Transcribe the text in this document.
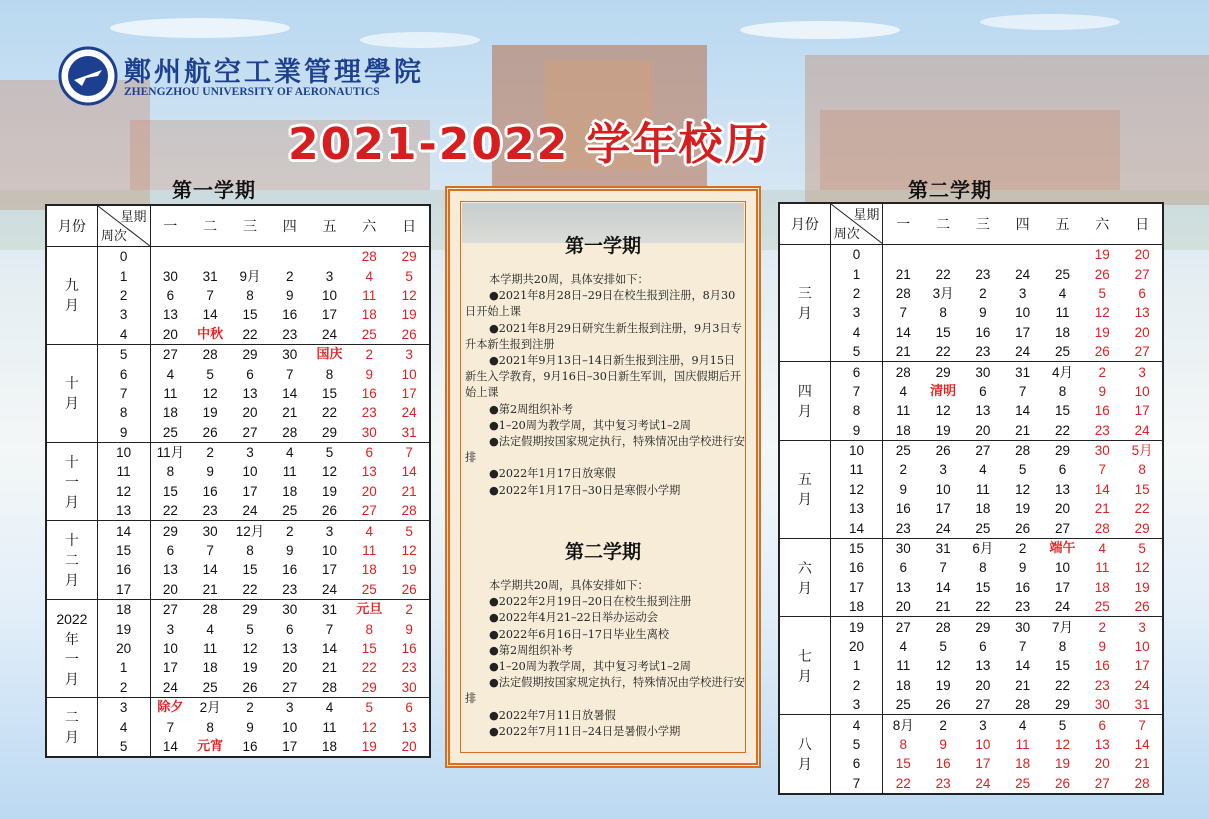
鄭州航空工業管理學院
ZHENGZHOU UNIVERSITY OF AERONAUTICS
2021-2022 学年校历
第一学期	第二学期
月份	星期
周次	一	二	三	四	五	六	日
九
月	0						28	29
	1	30	31	9月	2	3	4	5
	2	6	7	8	9	10	11	12
	3	13	14	15	16	17	18	19
	4	20	中秋	22	23	24	25	26
十
月	5	27	28	29	30	国庆	2	3
	6	4	5	6	7	8	9	10
	7	11	12	13	14	15	16	17
	8	18	19	20	21	22	23	24
	9	25	26	27	28	29	30	31
十
一
月	10	11月	2	3	4	5	6	7
	11	8	9	10	11	12	13	14
	12	15	16	17	18	19	20	21
	13	22	23	24	25	26	27	28
十
二
月	14	29	30	12月	2	3	4	5
	15	6	7	8	9	10	11	12
	16	13	14	15	16	17	18	19
	17	20	21	22	23	24	25	26
2022
年
一
月	18	27	28	29	30	31	元旦	2
	19	3	4	5	6	7	8	9
	20	10	11	12	13	14	15	16
	1	17	18	19	20	21	22	23
	2	24	25	26	27	28	29	30
二
月	3	除夕	2月	2	3	4	5	6
	4	7	8	9	10	11	12	13
	5	14	元宵	16	17	18	19	20
月份	星期
周次	一	二	三	四	五	六	日
三
月	0						19	20
	1	21	22	23	24	25	26	27
	2	28	3月	2	3	4	5	6
	3	7	8	9	10	11	12	13
	4	14	15	16	17	18	19	20
	5	21	22	23	24	25	26	27
四
月	6	28	29	30	31	4月	2	3
	7	4	清明	6	7	8	9	10
	8	11	12	13	14	15	16	17
	9	18	19	20	21	22	23	24
五
月	10	25	26	27	28	29	30	5月
	11	2	3	4	5	6	7	8
	12	9	10	11	12	13	14	15
	13	16	17	18	19	20	21	22
	14	23	24	25	26	27	28	29
六
月	15	30	31	6月	2	端午	4	5
	16	6	7	8	9	10	11	12
	17	13	14	15	16	17	18	19
	18	20	21	22	23	24	25	26
七
月	19	27	28	29	30	7月	2	3
	20	4	5	6	7	8	9	10
	1	11	12	13	14	15	16	17
	2	18	19	20	21	22	23	24
	3	25	26	27	28	29	30	31
八
月	4	8月	2	3	4	5	6	7
	5	8	9	10	11	12	13	14
	6	15	16	17	18	19	20	21
	7	22	23	24	25	26	27	28
第一学期

本学期共20周，具体安排如下：

●2021年8月28日–29日在校生报到注册，8月30日开始上课

●2021年8月29日研究生新生报到注册，9月3日专升本新生报到注册

●2021年9月13日–14日新生报到注册，9月15日新生入学教育，9月16日–30日新生军训，国庆假期后开始上课

●第2周组织补考

●1–20周为教学周，其中复习考试1–2周

●法定假期按国家规定执行，特殊情况由学校进行安排

●2022年1月17日放寒假

●2022年1月17日–30日是寒假小学期

第二学期

本学期共20周，具体安排如下：

●2022年2月19日–20日在校生报到注册

●2022年4月21–22日举办运动会

●2022年6月16日–17日毕业生离校

●第2周组织补考

●1–20周为教学周，其中复习考试1–2周

●法定假期按国家规定执行，特殊情况由学校进行安排

●2022年7月11日放暑假

●2022年7月11日–24日是暑假小学期
